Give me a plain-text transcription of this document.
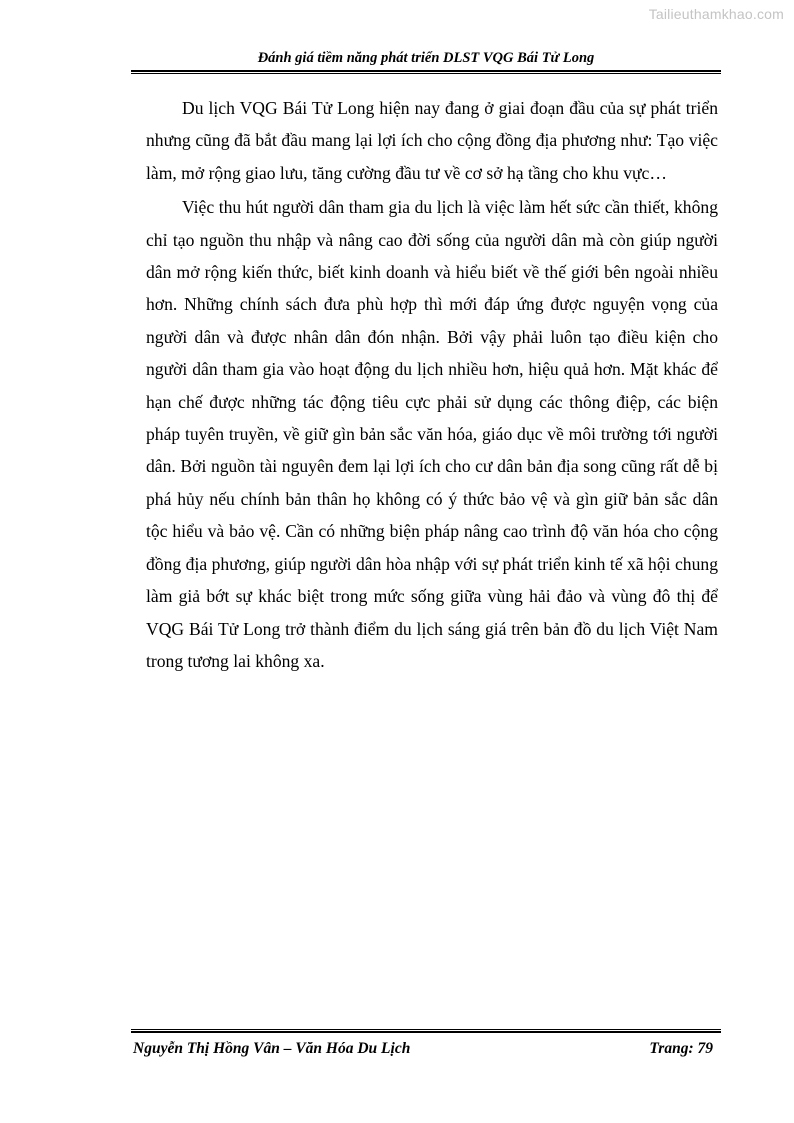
Tailieuthamkhao.com
Đánh giá tiềm năng phát triển DLST VQG Bái Tử Long

Du lịch VQG Bái Tử Long hiện nay đang ở giai đoạn đầu của sự phát triển nhưng cũng đã bắt đầu mang lại lợi ích cho cộng đồng địa phương như: Tạo việc làm, mở rộng giao lưu, tăng cường đầu tư về cơ sở hạ tầng cho khu vực…

Việc thu hút người dân tham gia du lịch là việc làm hết sức cần thiết, không chỉ tạo nguồn thu nhập và nâng cao đời sống của người dân mà còn giúp người dân mở rộng kiến thức, biết kinh doanh và hiểu biết về thế giới bên ngoài nhiều hơn. Những chính sách đưa phù hợp thì mới đáp ứng được nguyện vọng của người dân và được nhân dân đón nhận. Bởi vậy phải luôn tạo điều kiện cho người dân tham gia vào hoạt động du lịch nhiều hơn, hiệu quả hơn. Mặt khác để hạn chế được những tác động tiêu cực phải sử dụng các thông điệp, các biện pháp tuyên truyền, về giữ gìn bản sắc văn hóa, giáo dục về môi trường tới người dân. Bởi nguồn tài nguyên đem lại lợi ích cho cư dân bản địa song cũng rất dễ bị phá hủy nếu chính bản thân họ không có ý thức bảo vệ và gìn giữ bản sắc dân tộc hiểu và bảo vệ. Cần có những biện pháp nâng cao trình độ văn hóa cho cộng đồng địa phương, giúp người dân hòa nhập với sự phát triển kinh tế xã hội chung làm giả bớt sự khác biệt trong mức sống giữa vùng hải đảo và vùng đô thị để VQG Bái Tử Long trở thành điểm du lịch sáng giá trên bản đồ du lịch Việt Nam trong tương lai không xa.

Nguyễn Thị Hồng Vân – Văn Hóa Du Lịch	Trang: 79
